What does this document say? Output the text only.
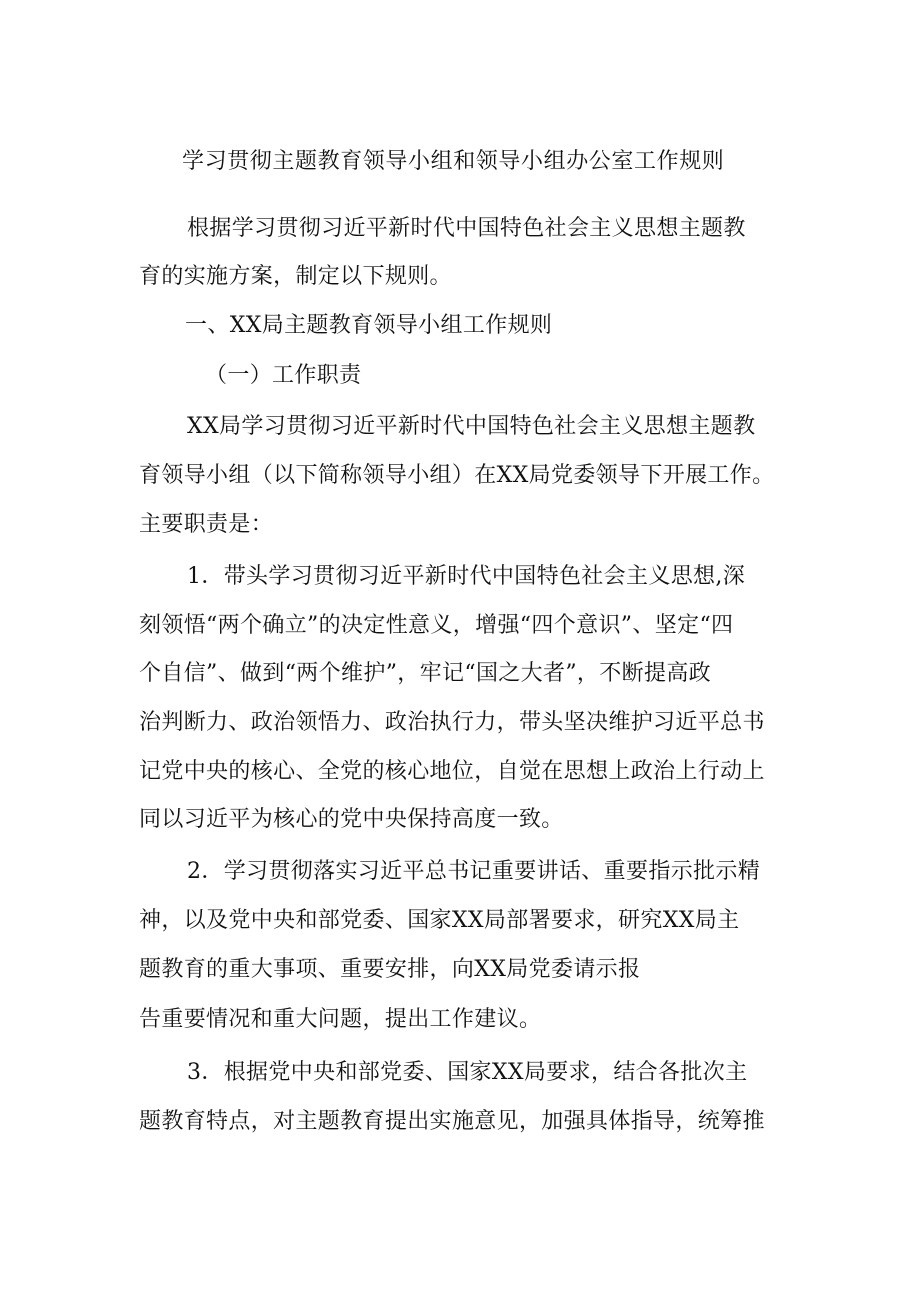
学习贯彻主题教育领导小组和领导小组办公室工作规则
根据学习贯彻习近平新时代中国特色社会主义思想主题教
育的实施方案，制定以下规则。
一、XX局主题教育领导小组工作规则
（一）工作职责
XX局学习贯彻习近平新时代中国特色社会主义思想主题教
育领导小组（以下简称领导小组）在XX局党委领导下开展工作。
主要职责是：
1．带头学习贯彻习近平新时代中国特色社会主义思想,深
刻领悟“两个确立”的决定性意义，增强“四个意识”、坚定“四
个自信”、做到“两个维护”，牢记“国之大者”，不断提高政
治判断力、政治领悟力、政治执行力，带头坚决维护习近平总书
记党中央的核心、全党的核心地位，自觉在思想上政治上行动上
同以习近平为核心的党中央保持高度一致。
2．学习贯彻落实习近平总书记重要讲话、重要指示批示精
神，以及党中央和部党委、国家XX局部署要求，研究XX局主
题教育的重大事项、重要安排，向XX局党委请示报
告重要情况和重大问题，提出工作建议。
3．根据党中央和部党委、国家XX局要求，结合各批次主
题教育特点，对主题教育提出实施意见，加强具体指导，统筹推
